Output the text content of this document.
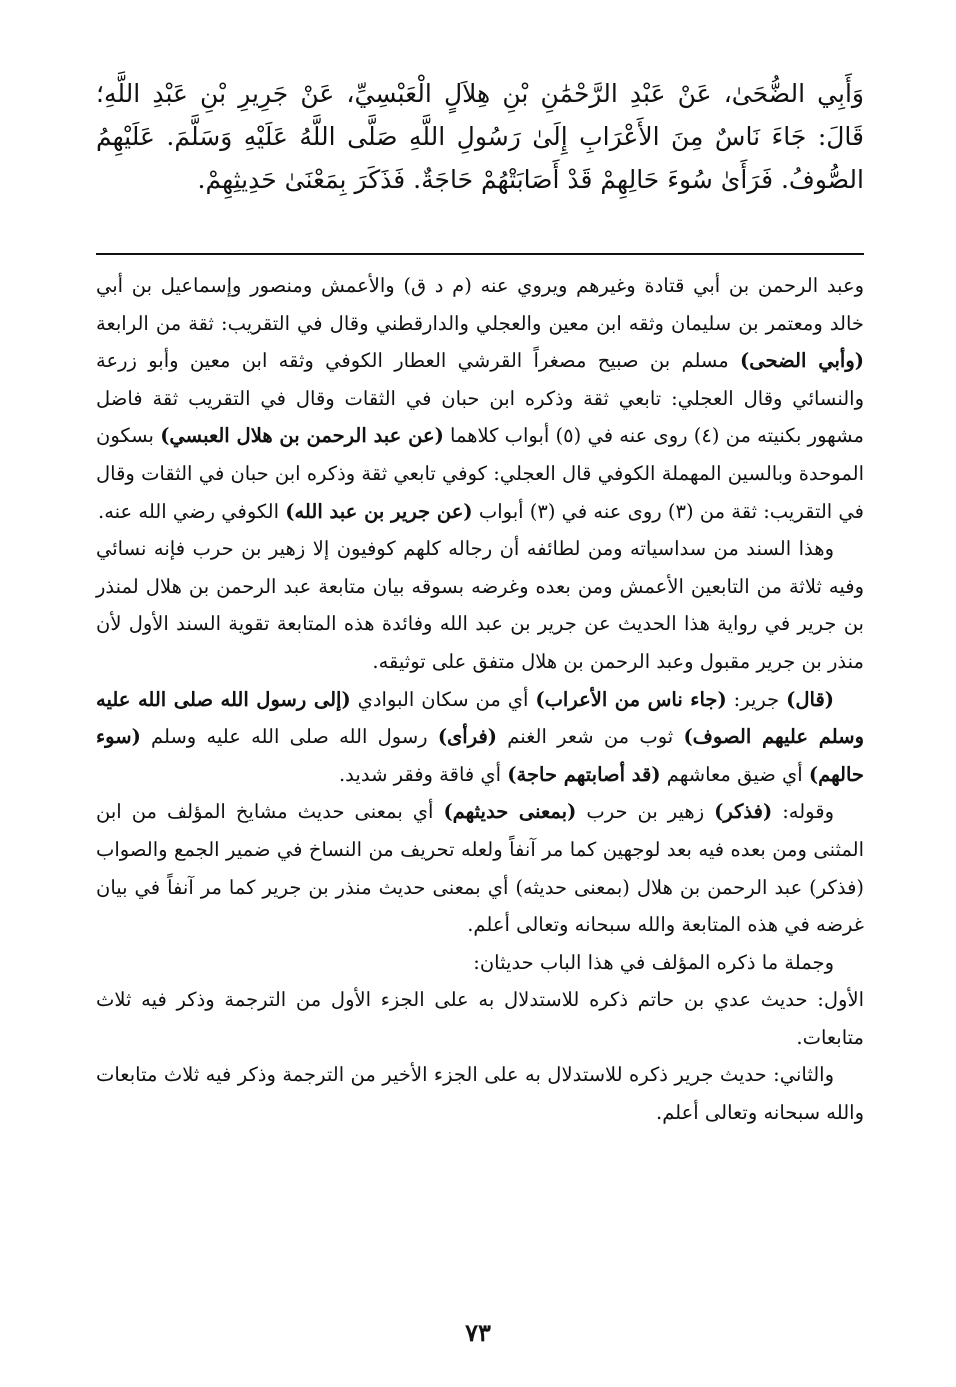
وَأَبِي الضُّحَىٰ، عَنْ عَبْدِ الرَّحْمَٰنِ بْنِ هِلاَلٍ الْعَبْسِيِّ، عَنْ جَرِيرِ بْنِ عَبْدِ اللَّهِ؛ قَالَ: جَاءَ نَاسٌ مِنَ الأَعْرَابِ إِلَىٰ رَسُولِ اللَّهِ صَلَّى اللَّهُ عَلَيْهِ وَسَلَّمَ. عَلَيْهِمُ الصُّوفُ. فَرَأَىٰ سُوءَ حَالِهِمْ قَدْ أَصَابَتْهُمْ حَاجَةٌ. فَذَكَرَ بِمَعْنَىٰ حَدِيثِهِمْ.

وعبد الرحمن بن أبي قتادة وغيرهم ويروي عنه (م د ق) والأعمش ومنصور وإسماعيل بن أبي خالد ومعتمر بن سليمان وثقه ابن معين والعجلي والدارقطني وقال في التقريب: ثقة من الرابعة (وأبي الضحى) مسلم بن صبيح مصغراً القرشي العطار الكوفي وثقه ابن معين وأبو زرعة والنسائي وقال العجلي: تابعي ثقة وذكره ابن حبان في الثقات وقال في التقريب ثقة فاضل مشهور بكنيته من (٤) روى عنه في (٥) أبواب كلاهما (عن عبد الرحمن بن هلال العبسي) بسكون الموحدة وبالسين المهملة الكوفي قال العجلي: كوفي تابعي ثقة وذكره ابن حبان في الثقات وقال في التقريب: ثقة من (٣) روى عنه في (٣) أبواب (عن جرير بن عبد الله) الكوفي رضي الله عنه.

وهذا السند من سداسياته ومن لطائفه أن رجاله كلهم كوفيون إلا زهير بن حرب فإنه نسائي وفيه ثلاثة من التابعين الأعمش ومن بعده وغرضه بسوقه بيان متابعة عبد الرحمن بن هلال لمنذر بن جرير في رواية هذا الحديث عن جرير بن عبد الله وفائدة هذه المتابعة تقوية السند الأول لأن منذر بن جرير مقبول وعبد الرحمن بن هلال متفق على توثيقه.

(قال) جرير: (جاء ناس من الأعراب) أي من سكان البوادي (إلى رسول الله صلى الله عليه وسلم عليهم الصوف) ثوب من شعر الغنم (فرأى) رسول الله صلى الله عليه وسلم (سوء حالهم) أي ضيق معاشهم (قد أصابتهم حاجة) أي فاقة وفقر شديد.

وقوله: (فذكر) زهير بن حرب (بمعنى حديثهم) أي بمعنى حديث مشايخ المؤلف من ابن المثنى ومن بعده فيه بعد لوجهين كما مر آنفاً ولعله تحريف من النساخ في ضمير الجمع والصواب (فذكر) عبد الرحمن بن هلال (بمعنى حديثه) أي بمعنى حديث منذر بن جرير كما مر آنفاً في بيان غرضه في هذه المتابعة والله سبحانه وتعالى أعلم.

وجملة ما ذكره المؤلف في هذا الباب حديثان:

الأول: حديث عدي بن حاتم ذكره للاستدلال به على الجزء الأول من الترجمة وذكر فيه ثلاث متابعات.

والثاني: حديث جرير ذكره للاستدلال به على الجزء الأخير من الترجمة وذكر فيه ثلاث متابعات والله سبحانه وتعالى أعلم.

٧٣
